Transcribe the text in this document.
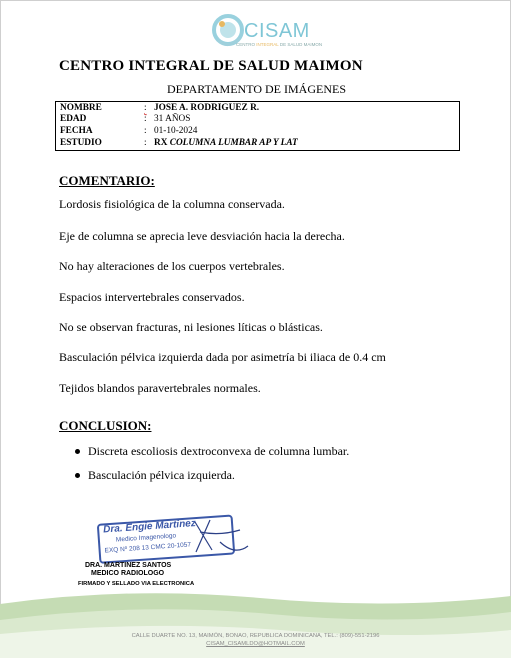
CISAM
CENTRO INTEGRAL DE SALUD MAIMON
CENTRO INTEGRAL DE SALUD MAIMON
DEPARTAMENTO DE IMÁGENES
NOMBRE	: JOSE A. RODRIGUEZ R.
EDAD	: 31 AÑOS
FECHA	: 01-10-2024
ESTUDIO	: RX COLUMNA LUMBAR AP Y LAT
COMENTARIO:
Lordosis fisiológica de la columna conservada.
Eje de columna se aprecia leve desviación hacia la derecha.
No hay alteraciones de los cuerpos vertebrales.
Espacios intervertebrales conservados.
No se observan fracturas, ni lesiones líticas o blásticas.
Basculación pélvica izquierda dada por asimetría bi iliaca de 0.4 cm
Tejidos blandos paravertebrales normales.
CONCLUSION:
Discreta escoliosis dextroconvexa de columna lumbar.
Basculación pélvica izquierda.
Dra. Engie Martinez
Medico Imagenologo
EXQ Nº 208 13 CMC 20-1057
DRA. MARTINEZ SANTOS
MEDICO RADIOLOGO
FIRMADO Y SELLADO VIA ELECTRONICA
CALLE DUARTE NO. 13, MAIMÓN, BONAO, REPUBLICA DOMINICANA, TEL.: (809)-551-2196
CISAM_CISAMLDO@HOTMAIL.COM
